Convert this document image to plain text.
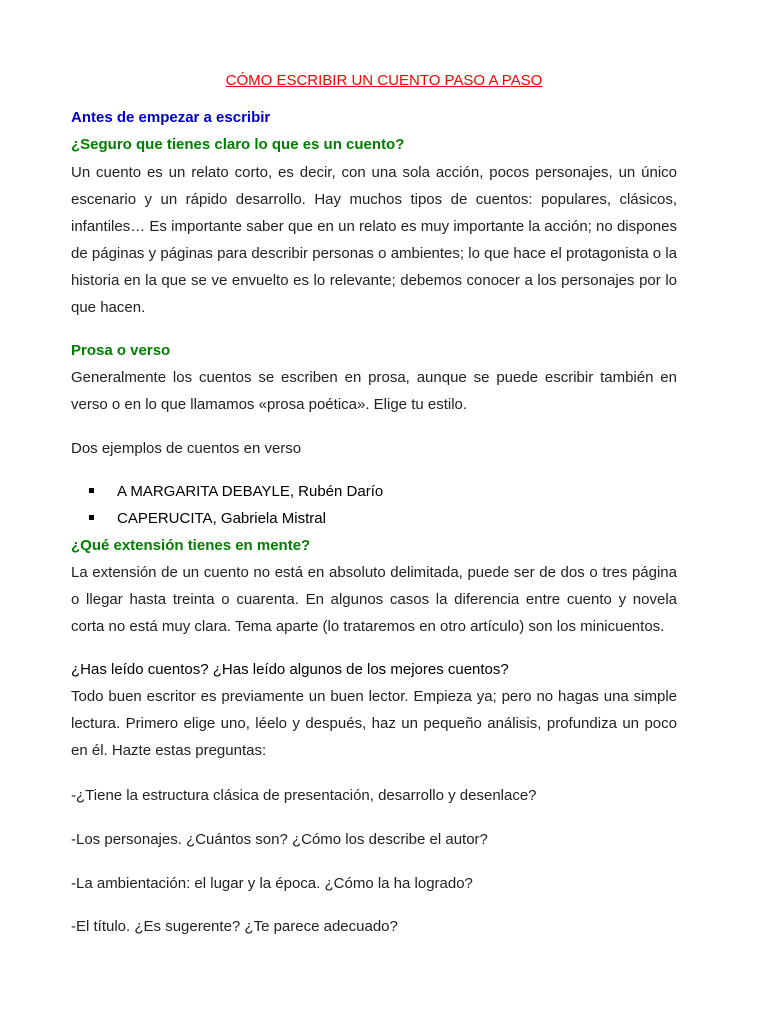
CÓMO ESCRIBIR UN CUENTO PASO A PASO
Antes de empezar a escribir
¿Seguro que tienes claro lo que es un cuento?
Un cuento es un relato corto, es decir, con una sola acción, pocos personajes, un único escenario y un rápido desarrollo. Hay muchos tipos de cuentos: populares, clásicos, infantiles… Es importante saber que en un relato es muy importante la acción; no dispones de páginas y páginas para describir personas o ambientes; lo que hace el protagonista o la historia en la que se ve envuelto es lo relevante; debemos conocer a los personajes por lo que hacen.
Prosa o verso
Generalmente los cuentos se escriben en prosa, aunque se puede escribir también en verso o en lo que llamamos «prosa poética». Elige tu estilo.
Dos ejemplos de cuentos en verso
A MARGARITA DEBAYLE, Rubén Darío
CAPERUCITA, Gabriela Mistral
¿Qué extensión tienes en mente?
La extensión de un cuento no está en absoluto delimitada, puede ser de dos o tres página o llegar hasta treinta o cuarenta. En algunos casos la diferencia entre cuento y novela corta no está muy clara. Tema aparte (lo trataremos en otro artículo) son los minicuentos.
¿Has leído cuentos? ¿Has leído algunos de los mejores cuentos?
Todo buen escritor es previamente un buen lector. Empieza ya; pero no hagas una simple lectura. Primero elige uno, léelo y después, haz un pequeño análisis, profundiza un poco en él. Hazte estas preguntas:
-¿Tiene la estructura clásica de presentación, desarrollo y desenlace?
-Los personajes. ¿Cuántos son? ¿Cómo los describe el autor?
-La ambientación: el lugar y la época. ¿Cómo la ha logrado?
-El título. ¿Es sugerente? ¿Te parece adecuado?
